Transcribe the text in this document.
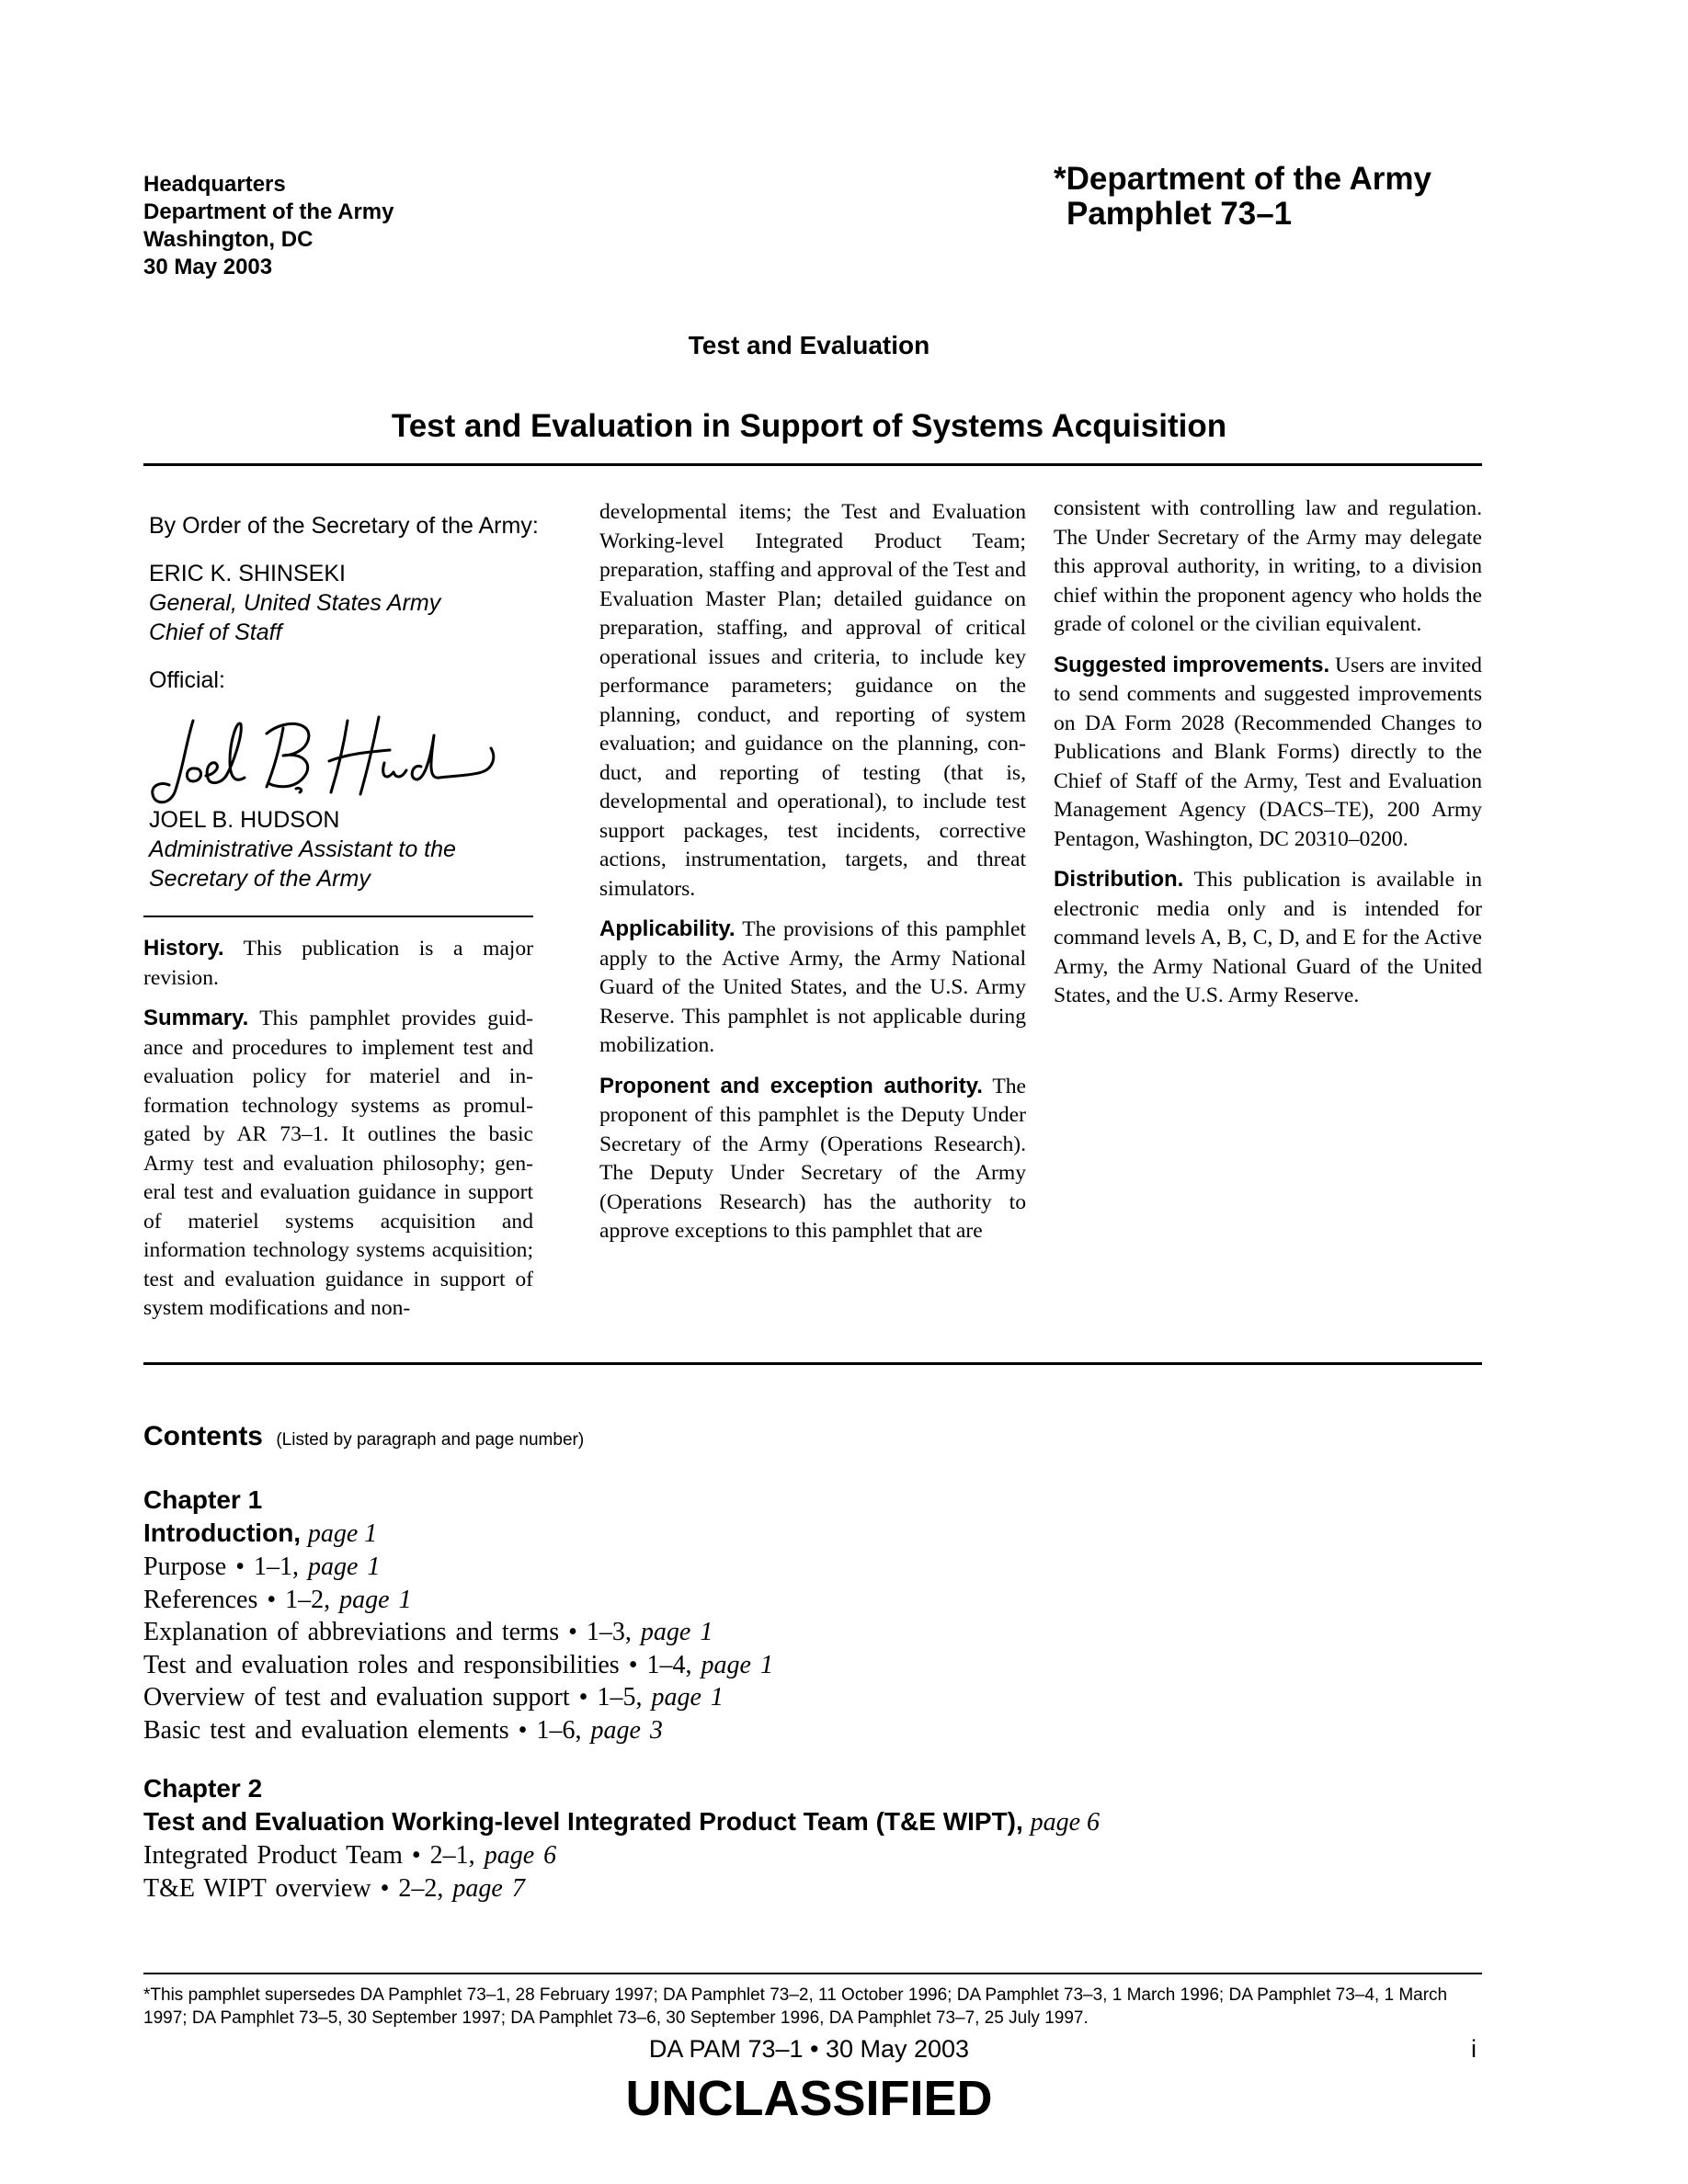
Headquarters
Department of the Army
Washington, DC
30 May 2003
*Department of the Army
Pamphlet 73–1
Test and Evaluation
Test and Evaluation in Support of Systems Acquisition
By Order of the Secretary of the Army:
ERIC K. SHINSEKI
General, United States Army
Chief of Staff
Official:
JOEL B. HUDSON
Administrative Assistant to the
Secretary of the Army

History. This publication is a major revision.

Summary. This pamphlet provides guidance and procedures to implement test and evaluation policy for materiel and information technology systems as promulgated by AR 73–1. It outlines the basic Army test and evaluation philosophy; general test and evaluation guidance in support of materiel systems acquisition and information technology systems acquisition; test and evaluation guidance in support of system modifications and non-

developmental items; the Test and Evaluation Working-level Integrated Product Team; preparation, staffing and approval of the Test and Evaluation Master Plan; detailed guidance on preparation, staffing, and approval of critical operational issues and criteria, to include key performance parameters; guidance on the planning, conduct, and reporting of system evaluation; and guidance on the planning, conduct, and reporting of testing (that is, developmental and operational), to include test support packages, test incidents, corrective actions, instrumentation, targets, and threat simulators.

Applicability. The provisions of this pamphlet apply to the Active Army, the Army National Guard of the United States, and the U.S. Army Reserve. This pamphlet is not applicable during mobilization.

Proponent and exception authority. The proponent of this pamphlet is the Deputy Under Secretary of the Army (Operations Research). The Deputy Under Secretary of the Army (Operations Research) has the authority to approve exceptions to this pamphlet that are

consistent with controlling law and regulation. The Under Secretary of the Army may delegate this approval authority, in writing, to a division chief within the proponent agency who holds the grade of colonel or the civilian equivalent.

Suggested improvements. Users are invited to send comments and suggested improvements on DA Form 2028 (Recommended Changes to Publications and Blank Forms) directly to the Chief of Staff of the Army, Test and Evaluation Management Agency (DACS–TE), 200 Army Pentagon, Washington, DC 20310–0200.

Distribution. This publication is available in electronic media only and is intended for command levels A, B, C, D, and E for the Active Army, the Army National Guard of the United States, and the U.S. Army Reserve.

Contents (Listed by paragraph and page number)
Chapter 1
Introduction, page 1
Purpose • 1–1, page 1
References • 1–2, page 1
Explanation of abbreviations and terms • 1–3, page 1
Test and evaluation roles and responsibilities • 1–4, page 1
Overview of test and evaluation support • 1–5, page 1
Basic test and evaluation elements • 1–6, page 3
Chapter 2
Test and Evaluation Working-level Integrated Product Team (T&E WIPT), page 6
Integrated Product Team • 2–1, page 6
T&E WIPT overview • 2–2, page 7
*This pamphlet supersedes DA Pamphlet 73–1, 28 February 1997; DA Pamphlet 73–2, 11 October 1996; DA Pamphlet 73–3, 1 March 1996; DA Pamphlet 73–4, 1 March 1997; DA Pamphlet 73–5, 30 September 1997; DA Pamphlet 73–6, 30 September 1996, DA Pamphlet 73–7, 25 July 1997.
DA PAM 73–1 • 30 May 2003	i
UNCLASSIFIED
